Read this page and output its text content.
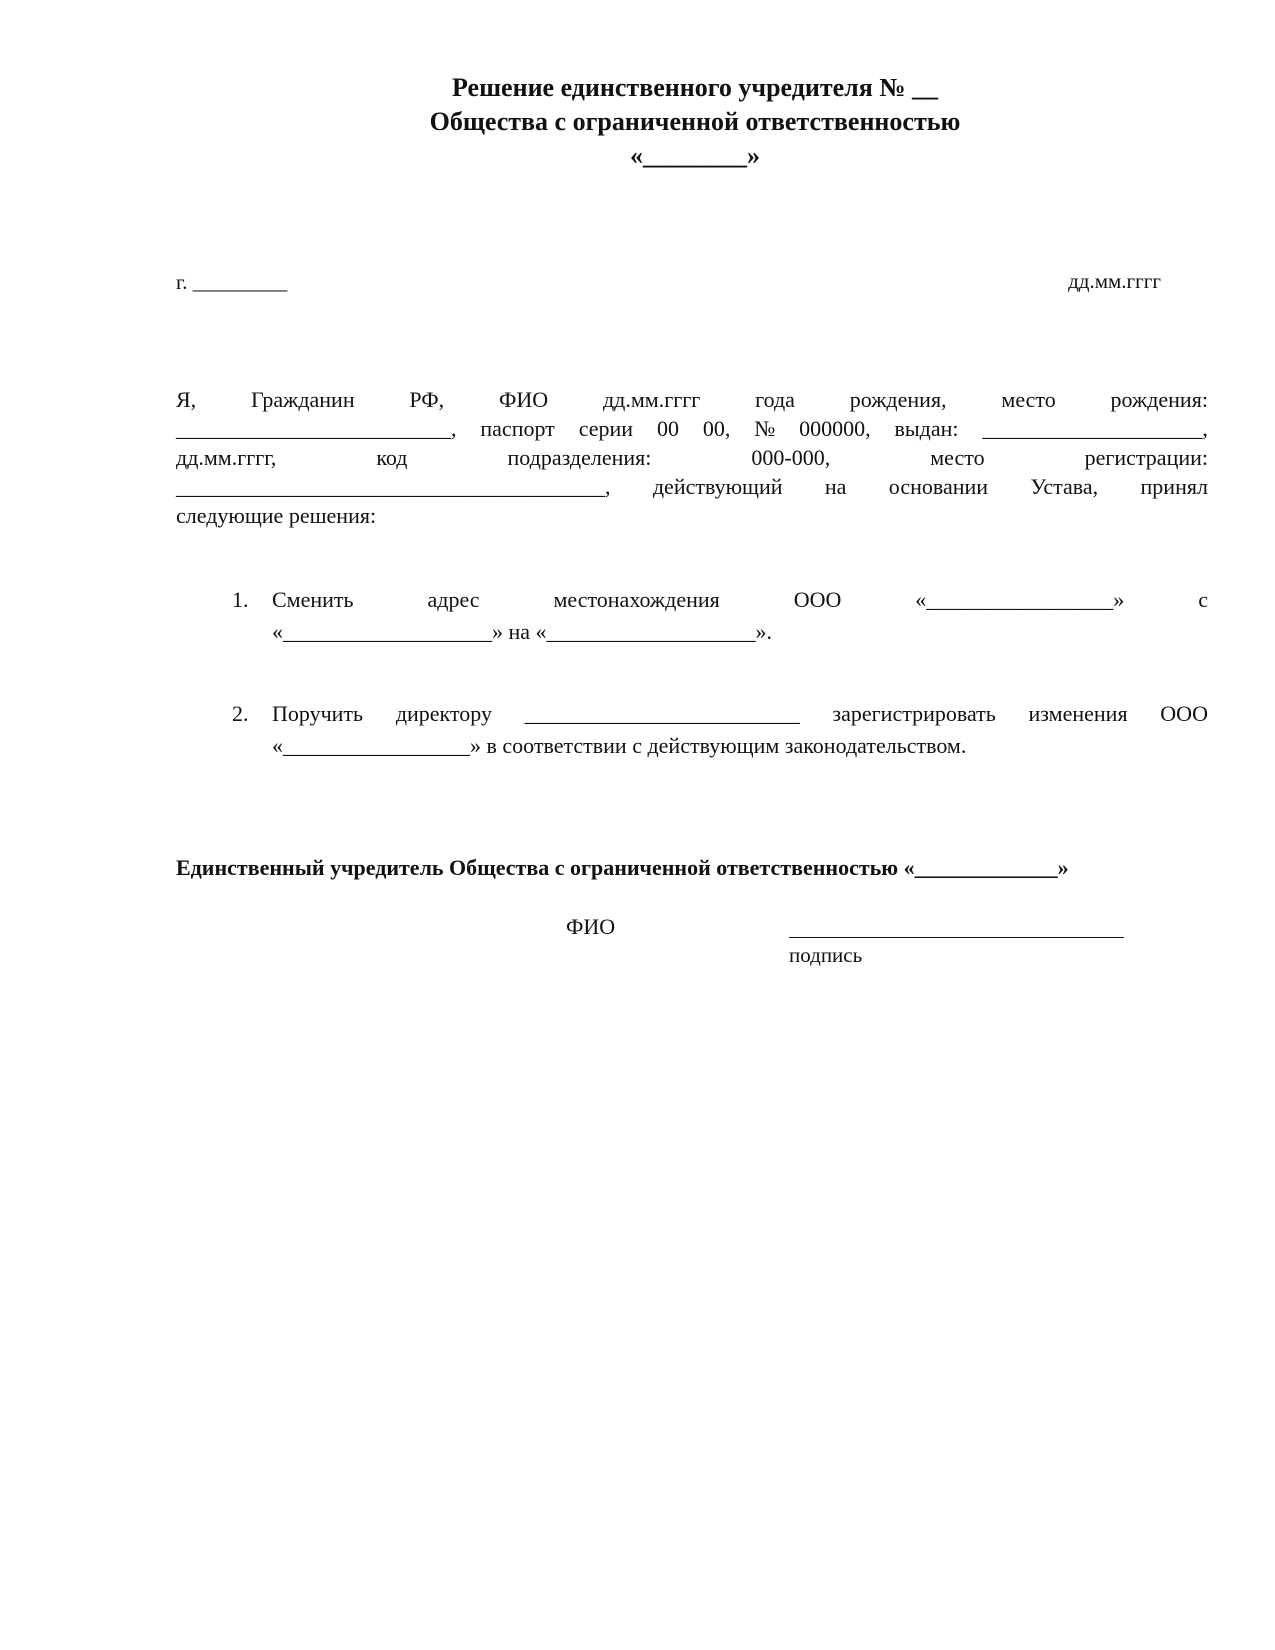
Решение единственного учредителя № __
Общества с ограниченной ответственностью
«________»
г. _________	дд.мм.гггг
Я, Гражданин РФ, ФИО дд.мм.гггг года рождения, место рождения:
_________________________, паспорт серии 00 00, № 000000, выдан: ____________________,
дд.мм.гггг,	код	подразделения:	000-000,	место	регистрации:
_______________________________________, действующий на основании Устава, принял
следующие решения:
1. Сменить	адрес	местонахождения	ООО	«_________________»	с
«___________________» на «___________________».
2. Поручить директору _________________________ зарегистрировать изменения ООО
«_________________» в соответствии с действующим законодательством.
Единственный учредитель Общества с ограниченной ответственностью «_____________»
ФИО
подпись
